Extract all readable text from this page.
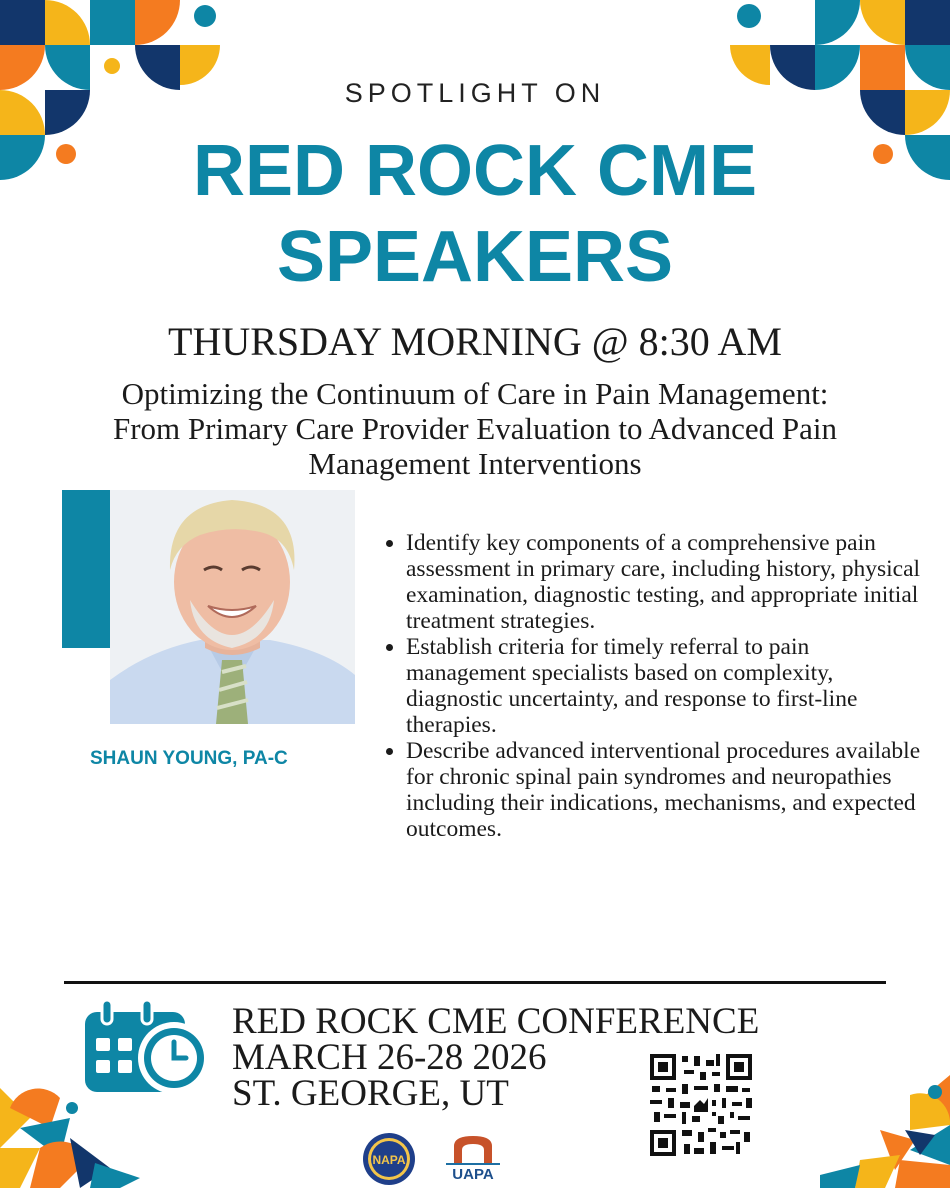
SPOTLIGHT ON
RED ROCK CME
SPEAKERS
THURSDAY MORNING @ 8:30 AM
Optimizing the Continuum of Care in Pain Management:
From Primary Care Provider Evaluation to Advanced Pain
Management Interventions
SHAUN YOUNG, PA-C
• Identify key components of a comprehensive pain assessment in primary care, including history, physical examination, diagnostic testing, and appropriate initial treatment strategies.
• Establish criteria for timely referral to pain management specialists based on complexity, diagnostic uncertainty, and response to first-line therapies.
• Describe advanced interventional procedures available for chronic spinal pain syndromes and neuropathies including their indications, mechanisms, and expected outcomes.
RED ROCK CME CONFERENCE
MARCH 26-28 2026
ST. GEORGE, UT
NAPA
UAPA
